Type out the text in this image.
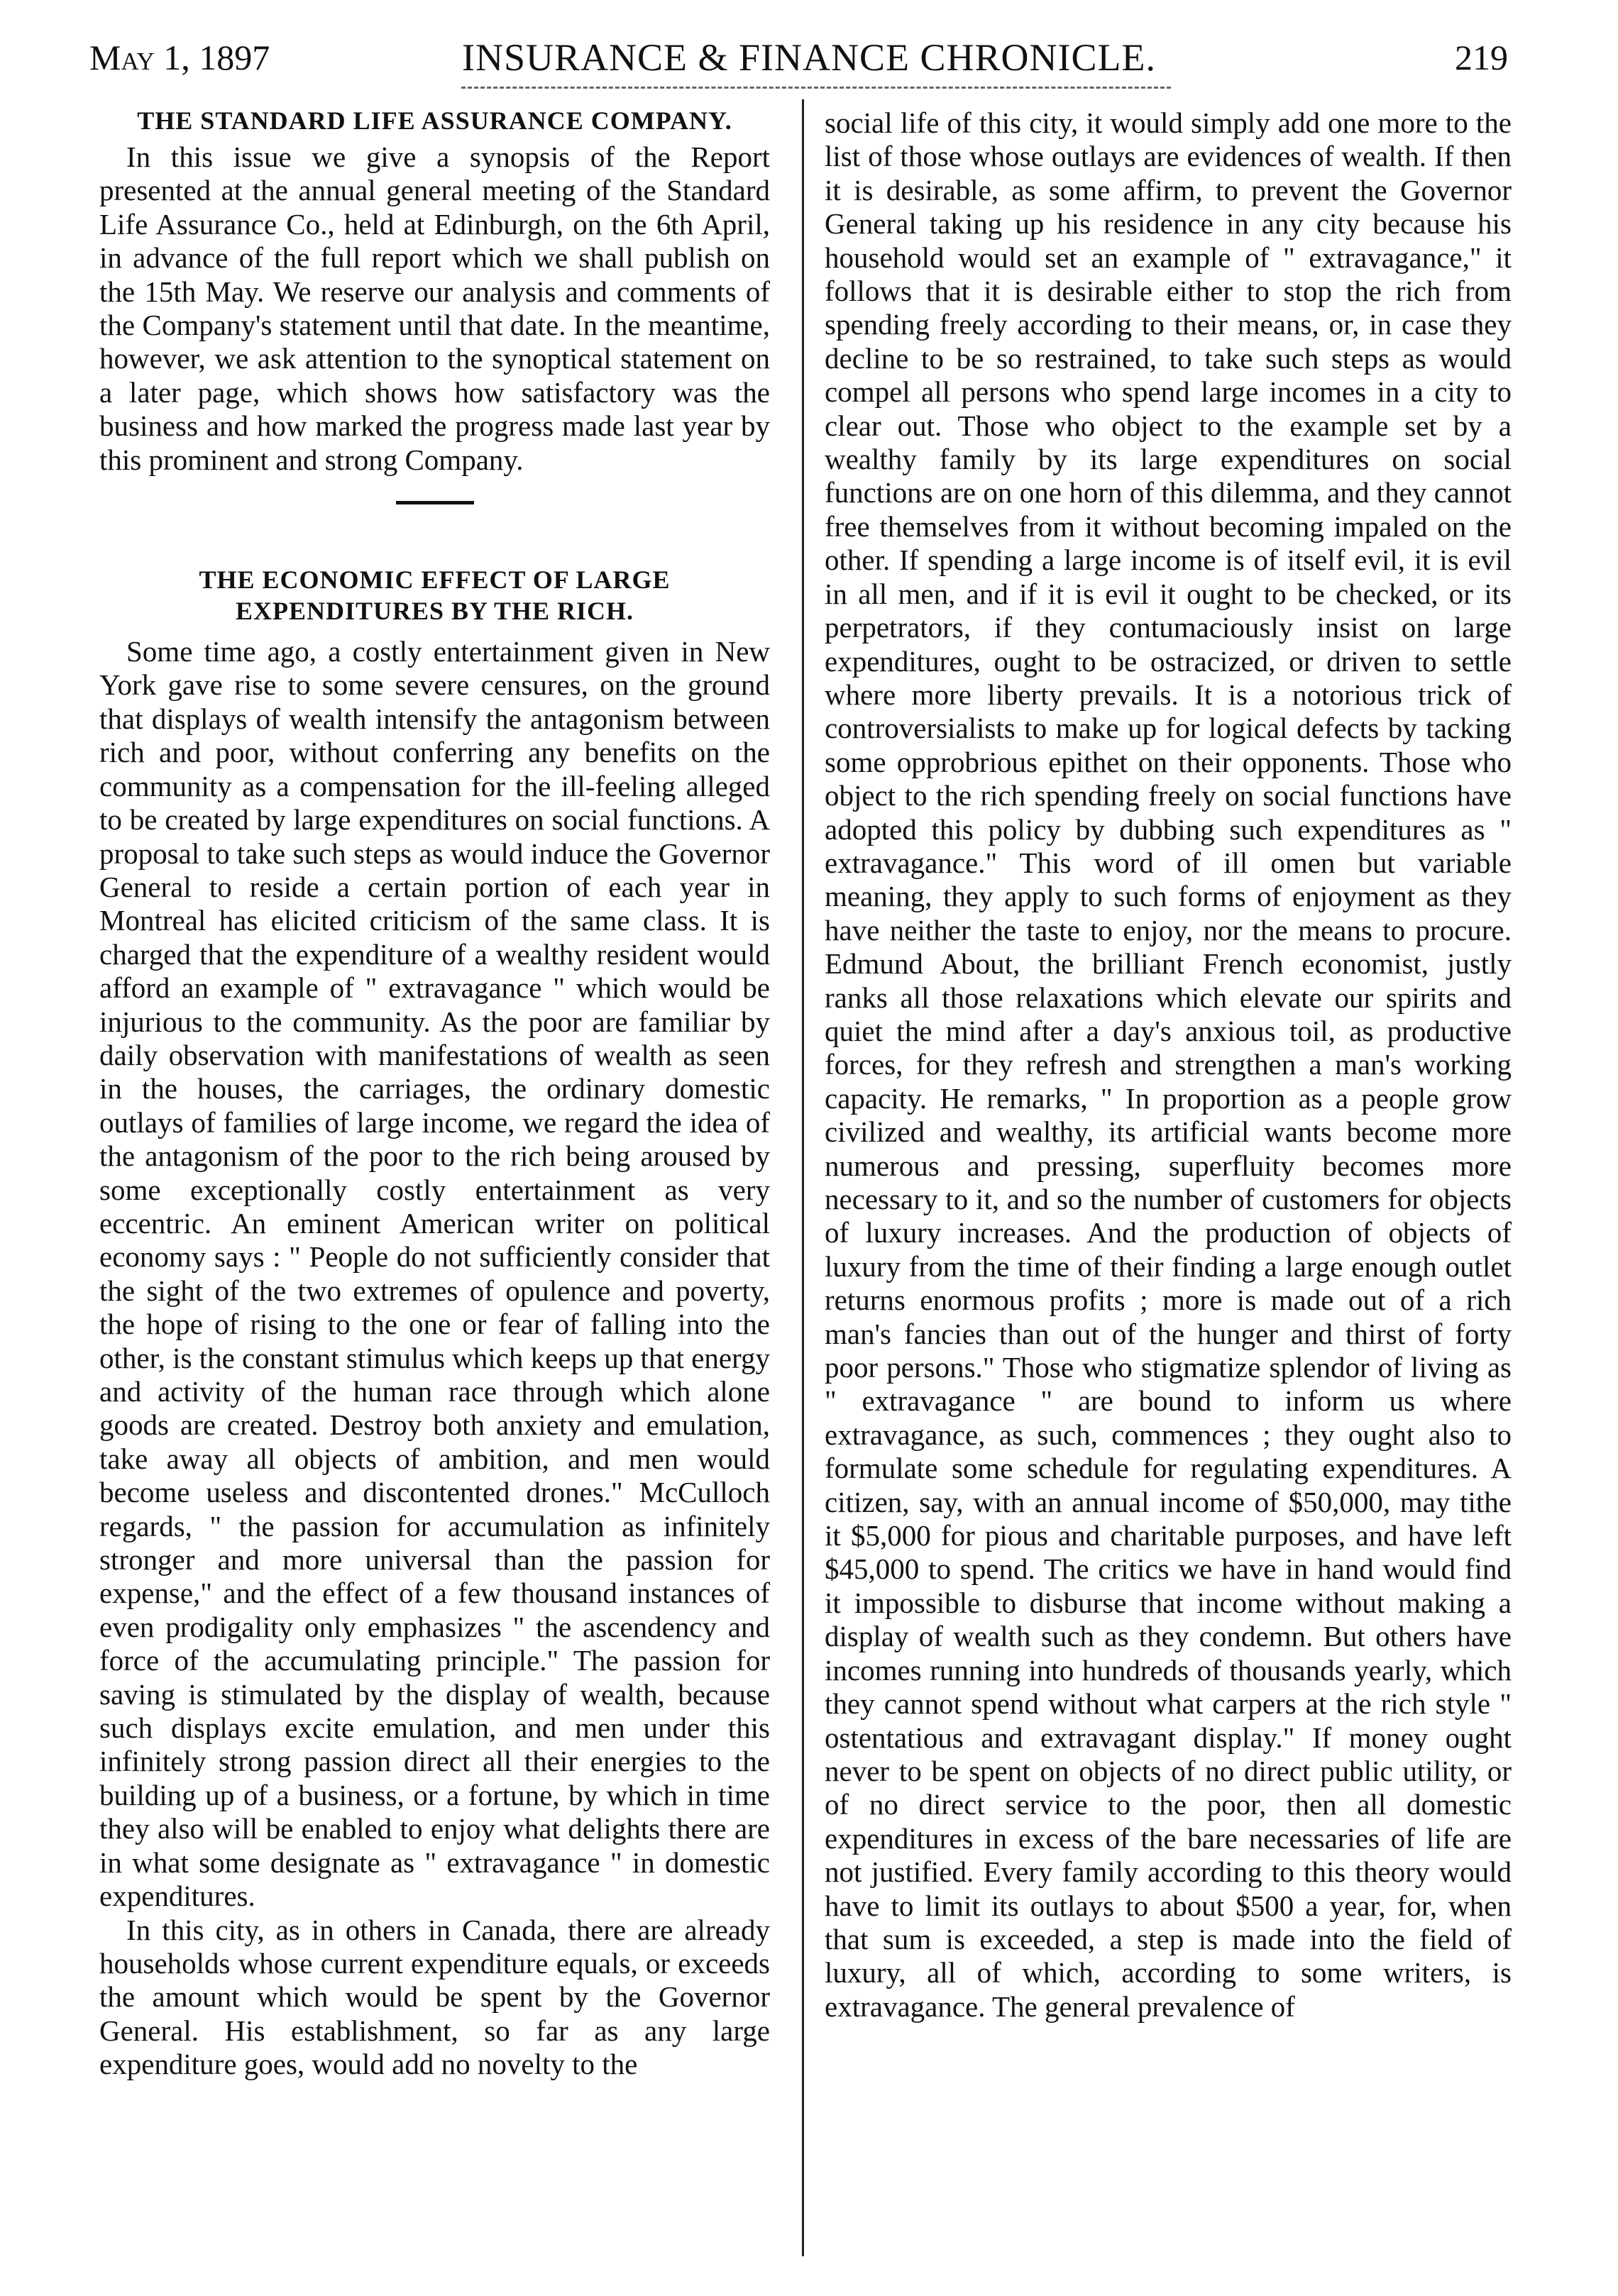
May 1, 1897	INSURANCE & FINANCE CHRONICLE.	219
THE STANDARD LIFE ASSURANCE COMPANY.

In this issue we give a synopsis of the Report presented at the annual general meeting of the Standard Life Assurance Co., held at Edinburgh, on the 6th April, in advance of the full report which we shall publish on the 15th May. We reserve our analysis and comments of the Company's statement until that date. In the meantime, however, we ask attention to the synoptical statement on a later page, which shows how satisfactory was the business and how marked the progress made last year by this prominent and strong Company.

THE ECONOMIC EFFECT OF LARGE
EXPENDITURES BY THE RICH.

Some time ago, a costly entertainment given in New York gave rise to some severe censures, on the ground that displays of wealth intensify the antagonism between rich and poor, without conferring any benefits on the community as a compensation for the ill-feeling alleged to be created by large expenditures on social functions. A proposal to take such steps as would induce the Governor General to reside a certain portion of each year in Montreal has elicited criticism of the same class. It is charged that the expenditure of a wealthy resident would afford an example of " extravagance " which would be injurious to the community. As the poor are familiar by daily observation with manifestations of wealth as seen in the houses, the carriages, the ordinary domestic outlays of families of large income, we regard the idea of the antagonism of the poor to the rich being aroused by some exceptionally costly entertainment as very eccentric. An eminent American writer on political economy says : " People do not sufficiently consider that the sight of the two extremes of opulence and poverty, the hope of rising to the one or fear of falling into the other, is the constant stimulus which keeps up that energy and activity of the human race through which alone goods are created. Destroy both anxiety and emulation, take away all objects of ambition, and men would become useless and discontented drones." McCulloch regards, " the passion for accumulation as infinitely stronger and more universal than the passion for expense," and the effect of a few thousand instances of even prodigality only emphasizes " the ascendency and force of the accumulating principle." The passion for saving is stimulated by the display of wealth, because such displays excite emulation, and men under this infinitely strong passion direct all their energies to the building up of a business, or a fortune, by which in time they also will be enabled to enjoy what delights there are in what some designate as " extravagance " in domestic expenditures.

In this city, as in others in Canada, there are already households whose current expenditure equals, or exceeds the amount which would be spent by the Governor General. His establishment, so far as any large expenditure goes, would add no novelty to the

social life of this city, it would simply add one more to the list of those whose outlays are evidences of wealth. If then it is desirable, as some affirm, to prevent the Governor General taking up his residence in any city because his household would set an example of " extravagance," it follows that it is desirable either to stop the rich from spending freely according to their means, or, in case they decline to be so restrained, to take such steps as would compel all persons who spend large incomes in a city to clear out. Those who object to the example set by a wealthy family by its large expenditures on social functions are on one horn of this dilemma, and they cannot free themselves from it without becoming impaled on the other. If spending a large income is of itself evil, it is evil in all men, and if it is evil it ought to be checked, or its perpetrators, if they contumaciously insist on large expenditures, ought to be ostracized, or driven to settle where more liberty prevails. It is a notorious trick of controversialists to make up for logical defects by tacking some opprobrious epithet on their opponents. Those who object to the rich spending freely on social functions have adopted this policy by dubbing such expenditures as " extravagance." This word of ill omen but variable meaning, they apply to such forms of enjoyment as they have neither the taste to enjoy, nor the means to procure. Edmund About, the brilliant French economist, justly ranks all those relaxations which elevate our spirits and quiet the mind after a day's anxious toil, as productive forces, for they refresh and strengthen a man's working capacity. He remarks, " In proportion as a people grow civilized and wealthy, its artificial wants become more numerous and pressing, superfluity becomes more necessary to it, and so the number of customers for objects of luxury increases. And the production of objects of luxury from the time of their finding a large enough outlet returns enormous profits ; more is made out of a rich man's fancies than out of the hunger and thirst of forty poor persons." Those who stigmatize splendor of living as " extravagance " are bound to inform us where extravagance, as such, commences ; they ought also to formulate some schedule for regulating expenditures. A citizen, say, with an annual income of $50,000, may tithe it $5,000 for pious and charitable purposes, and have left $45,000 to spend. The critics we have in hand would find it impossible to disburse that income without making a display of wealth such as they condemn. But others have incomes running into hundreds of thousands yearly, which they cannot spend without what carpers at the rich style " ostentatious and extravagant display." If money ought never to be spent on objects of no direct public utility, or of no direct service to the poor, then all domestic expenditures in excess of the bare necessaries of life are not justified. Every family according to this theory would have to limit its outlays to about $500 a year, for, when that sum is exceeded, a step is made into the field of luxury, all of which, according to some writers, is extravagance. The general prevalence of
